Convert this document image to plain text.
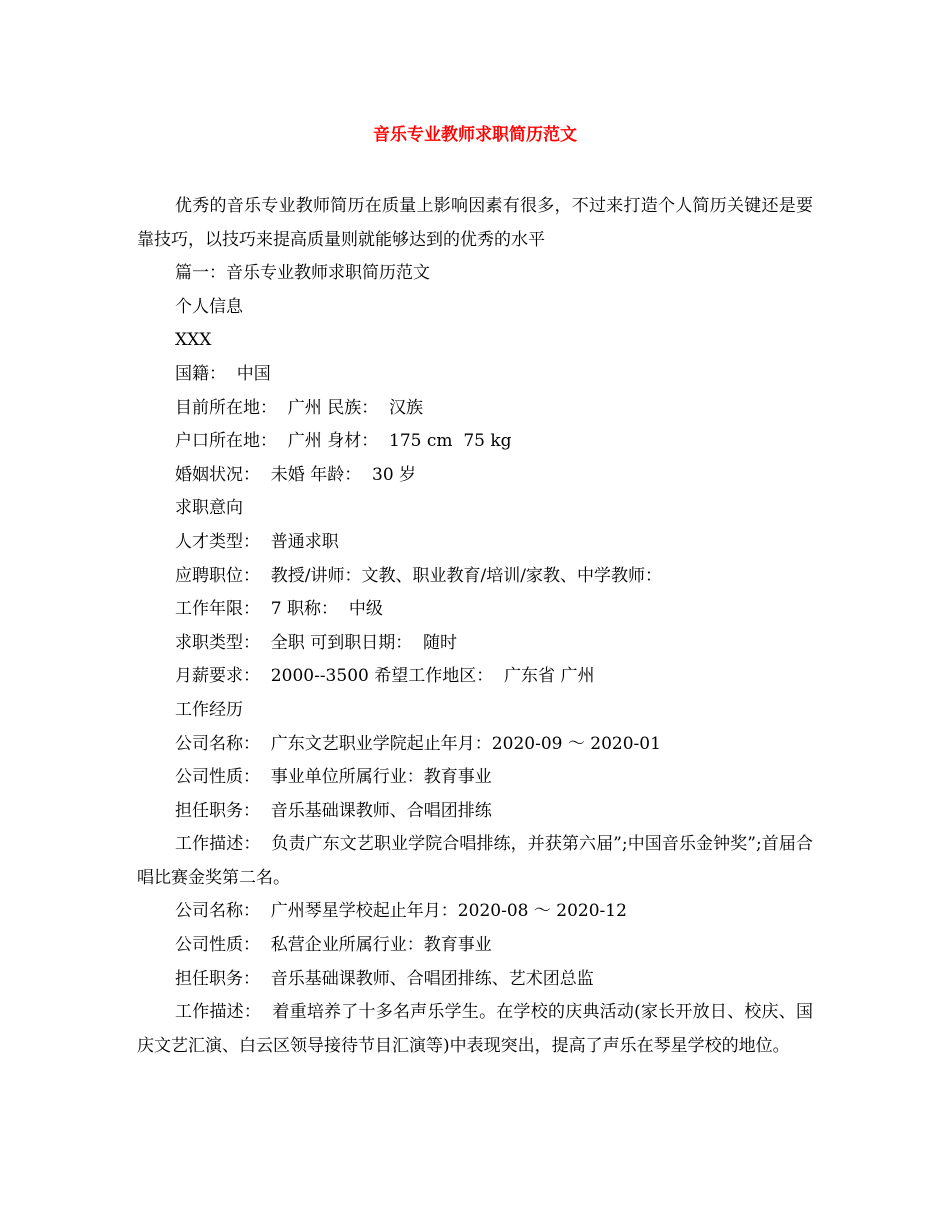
音乐专业教师求职简历范文

优秀的音乐专业教师简历在质量上影响因素有很多，不过来打造个人简历关键还是要靠技巧，以技巧来提高质量则就能够达到的优秀的水平

篇一：音乐专业教师求职简历范文

个人信息

XXX

国籍：  中国

目前所在地：  广州 民族：  汉族

户口所在地：  广州 身材：  175 cm  75 kg

婚姻状况：  未婚 年龄：  30 岁

求职意向

人才类型：  普通求职

应聘职位：  教授/讲师：文教、职业教育/培训/家教、中学教师：

工作年限：  7 职称：  中级

求职类型：  全职 可到职日期：  随时

月薪要求：  2000--3500 希望工作地区：  广东省 广州

工作经历

公司名称：  广东文艺职业学院起止年月：2020-09 ～ 2020-01

公司性质：  事业单位所属行业：教育事业

担任职务：  音乐基础课教师、合唱团排练

工作描述：  负责广东文艺职业学院合唱排练，并获第六届”;中国音乐金钟奖”;首届合唱比赛金奖第二名。

公司名称：  广州琴星学校起止年月：2020-08 ～ 2020-12

公司性质：  私营企业所属行业：教育事业

担任职务：  音乐基础课教师、合唱团排练、艺术团总监

工作描述：  着重培养了十多名声乐学生。在学校的庆典活动(家长开放日、校庆、国庆文艺汇演、白云区领导接待节目汇演等)中表现突出，提高了声乐在琴星学校的地位。
